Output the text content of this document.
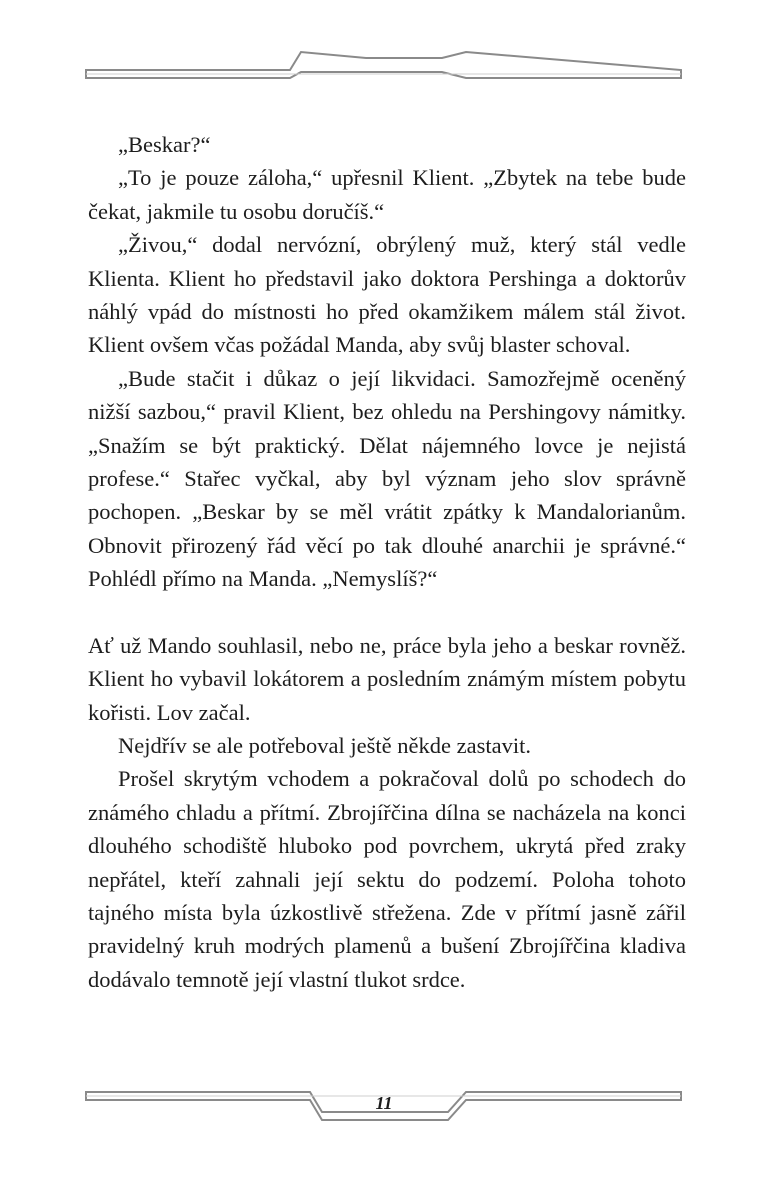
„Beskar?“

„To je pouze záloha,“ upřesnil Klient. „Zbytek na tebe bude čekat, jakmile tu osobu doručíš.“

„Živou,“ dodal nervózní, obrýlený muž, který stál vedle Klienta. Klient ho představil jako doktora Pershinga a doktorův náhlý vpád do místnosti ho před okamžikem málem stál život. Klient ovšem včas požádal Manda, aby svůj blaster schoval.

„Bude stačit i důkaz o její likvidaci. Samozřejmě oceněný nižší sazbou,“ pravil Klient, bez ohledu na Pershingovy námitky. „Snažím se být praktický. Dělat nájemného lovce je nejistá profese.“ Stařec vyčkal, aby byl význam jeho slov správně pochopen. „Beskar by se měl vrátit zpátky k Mandalorianům. Obnovit přirozený řád věcí po tak dlouhé anarchii je správné.“ Pohlédl přímo na Manda. „Nemyslíš?“

Ať už Mando souhlasil, nebo ne, práce byla jeho a beskar rovněž. Klient ho vybavil lokátorem a posledním známým místem pobytu kořisti. Lov začal.

Nejdřív se ale potřeboval ještě někde zastavit.

Prošel skrytým vchodem a pokračoval dolů po schodech do známého chladu a přítmí. Zbrojířčina dílna se nacházela na konci dlouhého schodiště hluboko pod povrchem, ukrytá před zraky nepřátel, kteří zahnali její sektu do podzemí. Poloha tohoto tajného místa byla úzkostlivě střežena. Zde v přítmí jasně zářil pravidelný kruh modrých plamenů a bušení Zbrojířčina kladiva dodávalo temnotě její vlastní tlukot srdce.

11
